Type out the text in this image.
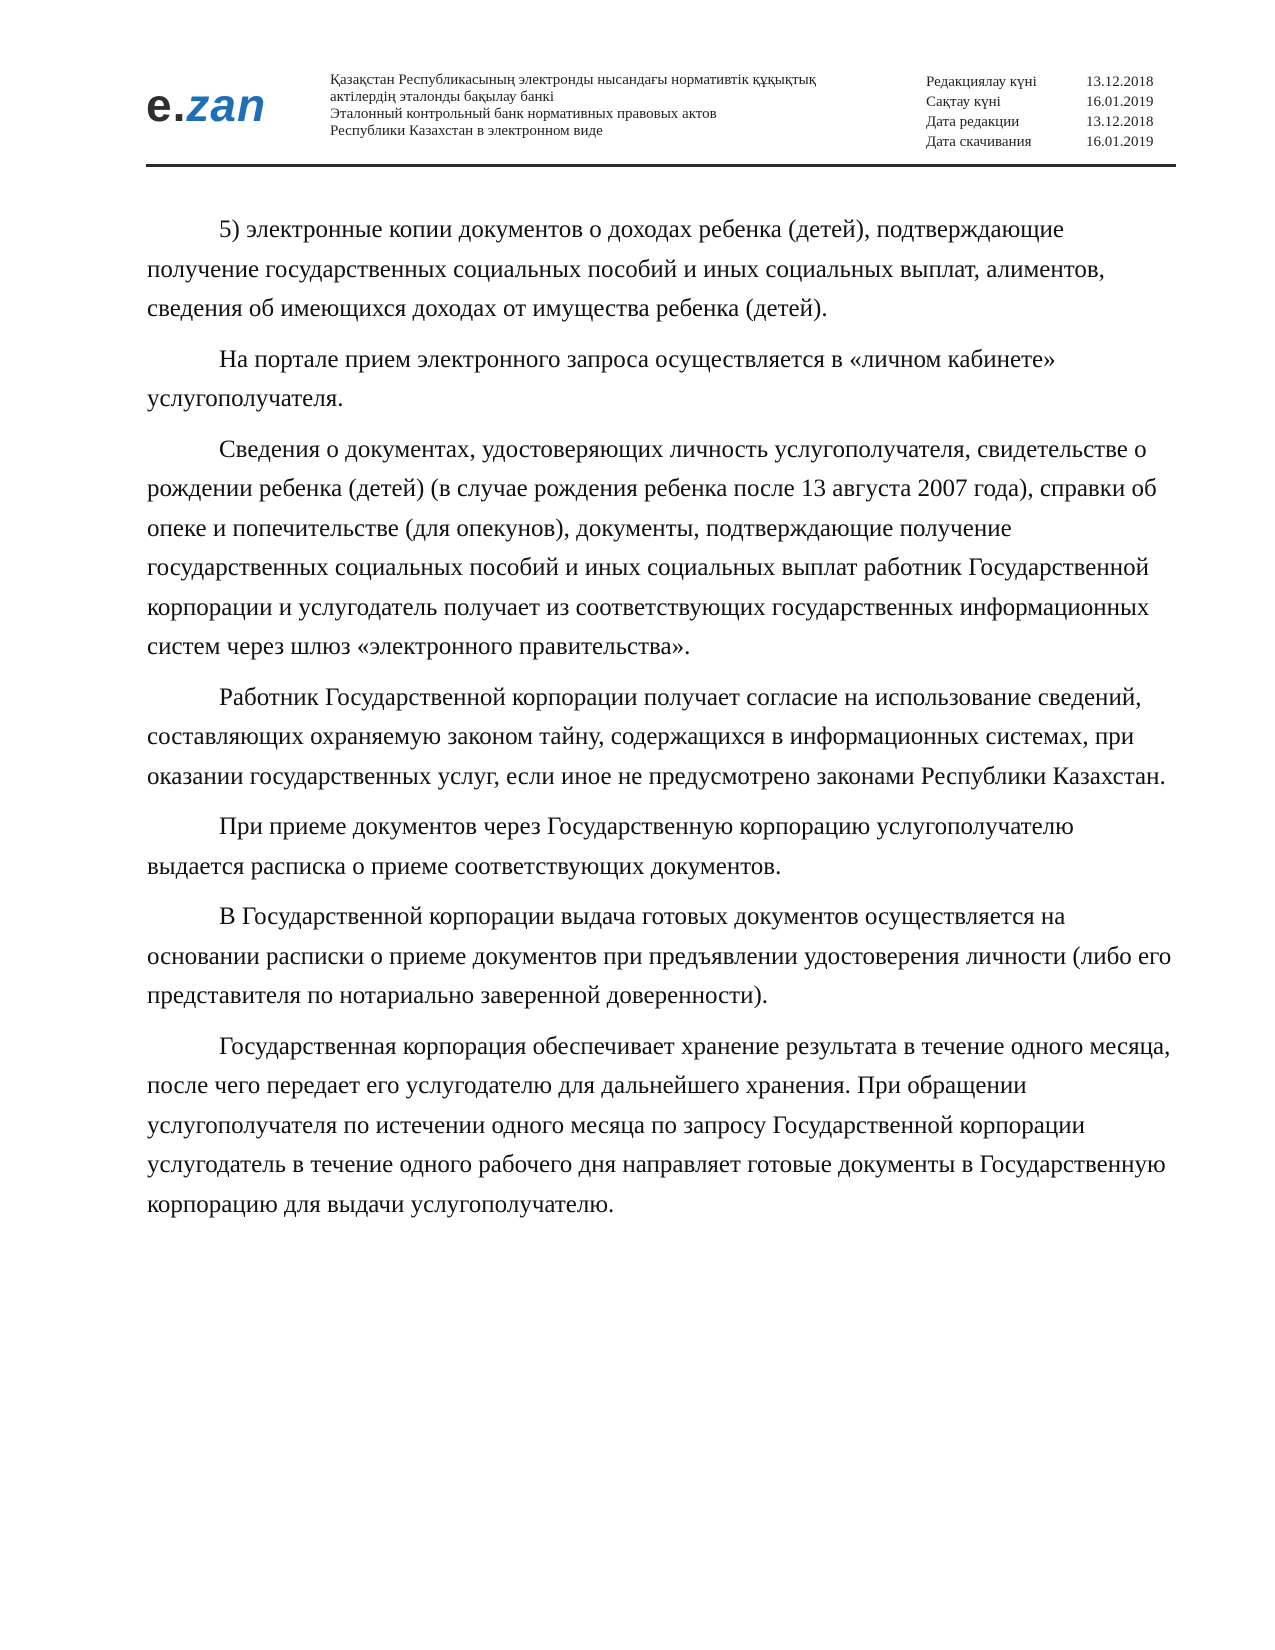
e.zan	Қазақстан Республикасының электронды нысандағы нормативтік құқықтық
актілердің эталонды бақылау банкі
Эталонный контрольный банк нормативных правовых актов
Республики Казахстан в электронном виде
Редакциялау күні	13.12.2018
Сақтау күні	16.01.2019
Дата редакции	13.12.2018
Дата скачивания	16.01.2019

5) электронные копии документов о доходах ребенка (детей), подтверждающие получение государственных социальных пособий и иных социальных выплат, алиментов, сведения об имеющихся доходах от имущества ребенка (детей).

На портале прием электронного запроса осуществляется в «личном кабинете» услугополучателя.

Сведения о документах, удостоверяющих личность услугополучателя, свидетельстве о рождении ребенка (детей) (в случае рождения ребенка после 13 августа 2007 года), справки об опеке и попечительстве (для опекунов), документы, подтверждающие получение государственных социальных пособий и иных социальных выплат работник Государственной корпорации и услугодатель получает из соответствующих государственных информационных систем через шлюз «электронного правительства».

Работник Государственной корпорации получает согласие на использование сведений, составляющих охраняемую законом тайну, содержащихся в информационных системах, при оказании государственных услуг, если иное не предусмотрено законами Республики Казахстан.

При приеме документов через Государственную корпорацию услугополучателю выдается расписка о приеме соответствующих документов.

В Государственной корпорации выдача готовых документов осуществляется на основании расписки о приеме документов при предъявлении удостоверения личности (либо его представителя по нотариально заверенной доверенности).

Государственная корпорация обеспечивает хранение результата в течение одного месяца, после чего передает его услугодателю для дальнейшего хранения. При обращении услугополучателя по истечении одного месяца по запросу Государственной корпорации услугодатель в течение одного рабочего дня направляет готовые документы в Государственную корпорацию для выдачи услугополучателю.
